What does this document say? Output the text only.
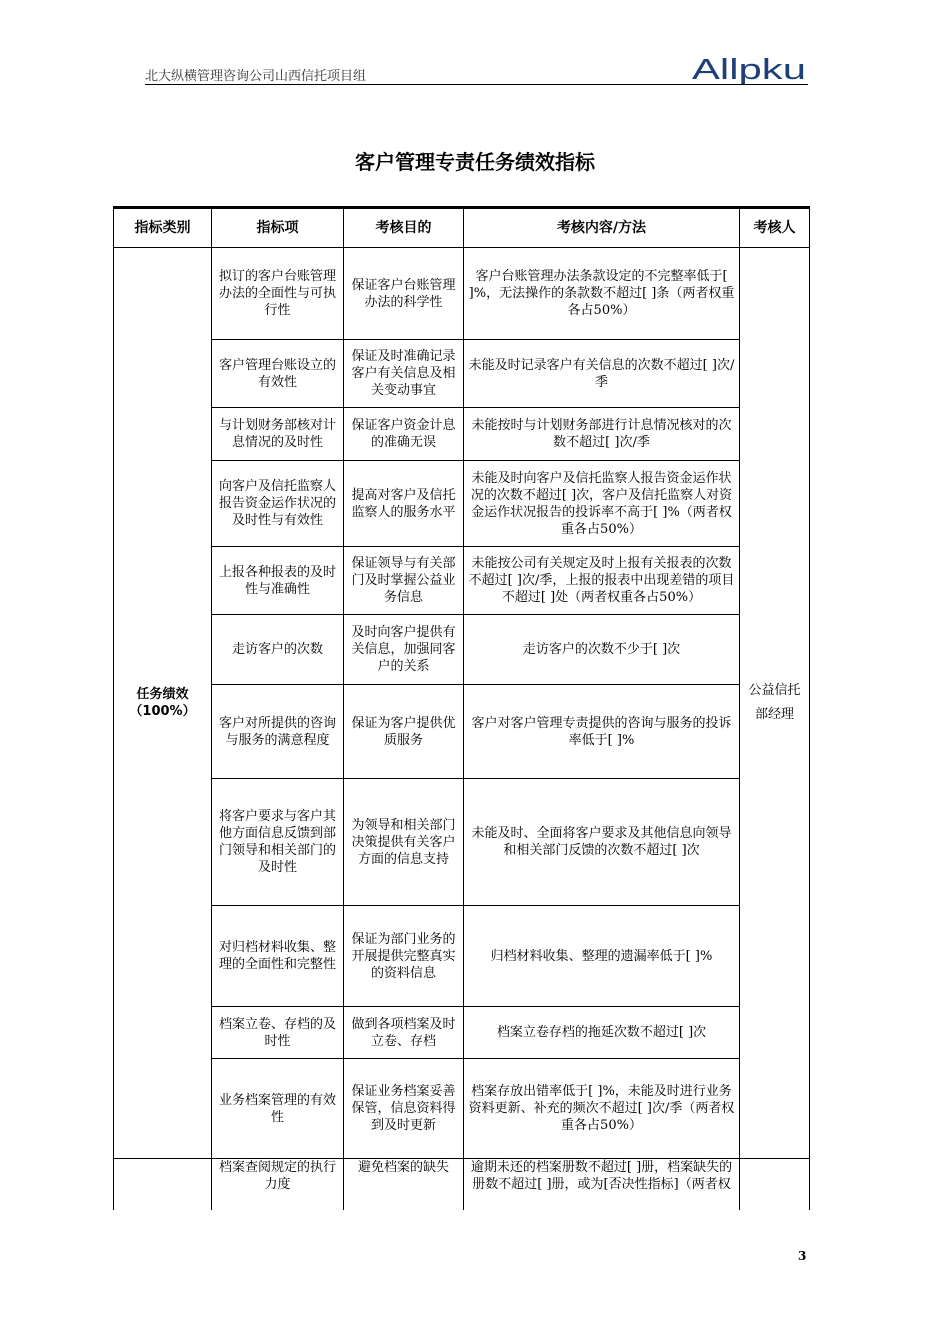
北大纵横管理咨询公司山西信托项目组	Allpku
客户管理专责任务绩效指标
指标类别	指标项	考核目的	考核内容/方法	考核人

任务绩效
（100%）	拟订的客户台账管理办法的全面性与可执行性	保证客户台账管理办法的科学性	客户台账管理办法条款设定的不完整率低于[ ]%，无法操作的条款数不超过[ ]条（两者权重各占50%）	公益信托部经理
	客户管理台账设立的有效性	保证及时准确记录客户有关信息及相关变动事宜	未能及时记录客户有关信息的次数不超过[ ]次/季	
	与计划财务部核对计息情况的及时性	保证客户资金计息的准确无误	未能按时与计划财务部进行计息情况核对的次数不超过[ ]次/季	
	向客户及信托监察人报告资金运作状况的及时性与有效性	提高对客户及信托监察人的服务水平	未能及时向客户及信托监察人报告资金运作状况的次数不超过[ ]次，客户及信托监察人对资金运作状况报告的投诉率不高于[ ]%（两者权重各占50%）	
	上报各种报表的及时性与准确性	保证领导与有关部门及时掌握公益业务信息	未能按公司有关规定及时上报有关报表的次数不超过[ ]次/季，上报的报表中出现差错的项目不超过[ ]处（两者权重各占50%）	
	走访客户的次数	及时向客户提供有关信息，加强同客户的关系	走访客户的次数不少于[ ]次	
	客户对所提供的咨询与服务的满意程度	保证为客户提供优质服务	客户对客户管理专责提供的咨询与服务的投诉率低于[ ]%	
	将客户要求与客户其他方面信息反馈到部门领导和相关部门的及时性	为领导和相关部门决策提供有关客户方面的信息支持	未能及时、全面将客户要求及其他信息向领导和相关部门反馈的次数不超过[ ]次	
	对归档材料收集、整理的全面性和完整性	保证为部门业务的开展提供完整真实的资料信息	归档材料收集、整理的遗漏率低于[ ]%	
	档案立卷、存档的及时性	做到各项档案及时立卷、存档	档案立卷存档的拖延次数不超过[ ]次	
	业务档案管理的有效性	保证业务档案妥善保管，信息资料得到及时更新	档案存放出错率低于[ ]%，未能及时进行业务资料更新、补充的频次不超过[ ]次/季（两者权重各占50%）	
	档案查阅规定的执行力度	避免档案的缺失	逾期未还的档案册数不超过[ ]册，档案缺失的册数不超过[ ]册，或为[否决性指标]（两者权	
3
